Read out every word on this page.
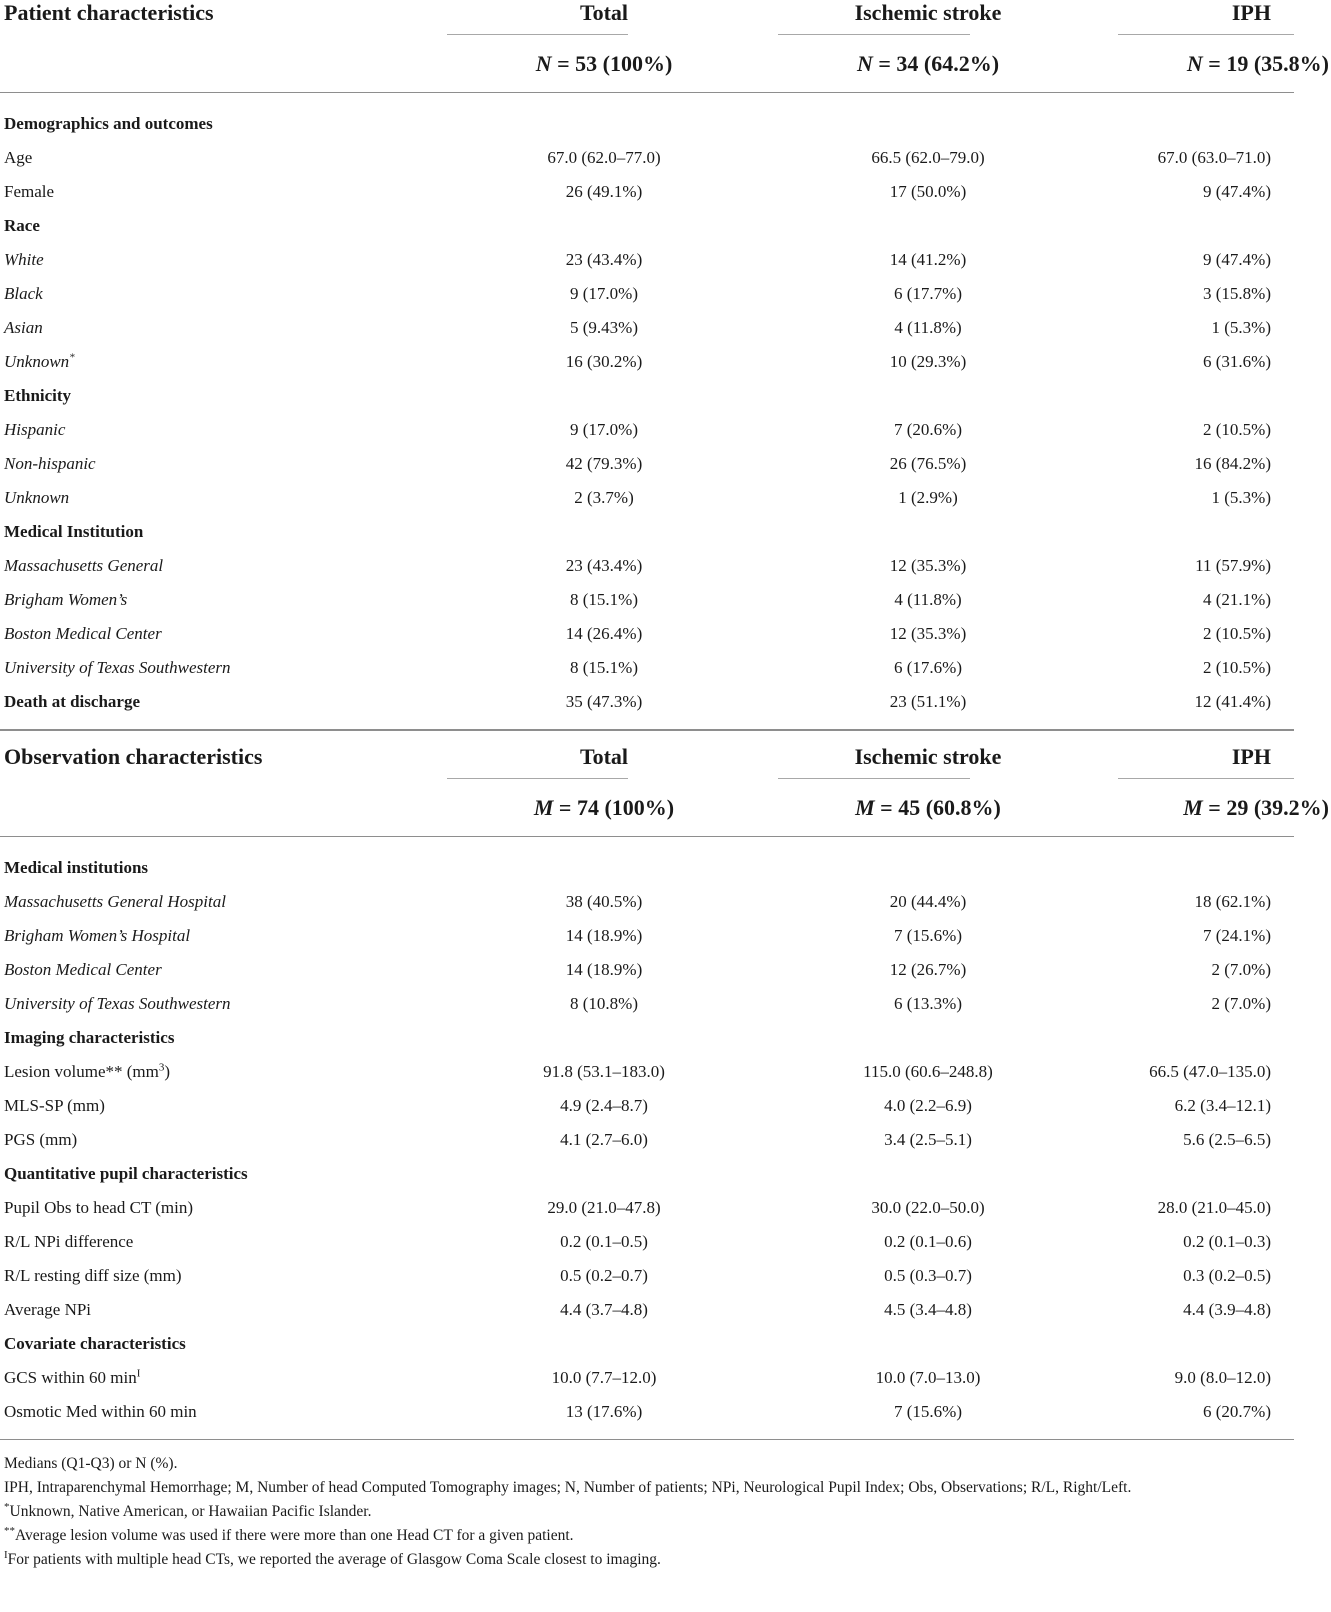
Patient characteristics	Total	Ischemic stroke	IPH
	N = 53 (100%)	N = 34 (64.2%)	N = 19 (35.8%)

Demographics and outcomes			
Age	67.0 (62.0–77.0)	66.5 (62.0–79.0)	67.0 (63.0–71.0)
Female	26 (49.1%)	17 (50.0%)	9 (47.4%)
Race			
White	23 (43.4%)	14 (41.2%)	9 (47.4%)
Black	9 (17.0%)	6 (17.7%)	3 (15.8%)
Asian	5 (9.43%)	4 (11.8%)	1 (5.3%)
Unknown*	16 (30.2%)	10 (29.3%)	6 (31.6%)
Ethnicity			
Hispanic	9 (17.0%)	7 (20.6%)	2 (10.5%)
Non-hispanic	42 (79.3%)	26 (76.5%)	16 (84.2%)
Unknown	2 (3.7%)	1 (2.9%)	1 (5.3%)
Medical Institution			
Massachusetts General	23 (43.4%)	12 (35.3%)	11 (57.9%)
Brigham Women’s	8 (15.1%)	4 (11.8%)	4 (21.1%)
Boston Medical Center	14 (26.4%)	12 (35.3%)	2 (10.5%)
University of Texas Southwestern	8 (15.1%)	6 (17.6%)	2 (10.5%)
Death at discharge	35 (47.3%)	23 (51.1%)	12 (41.4%)
Observation characteristics	Total	Ischemic stroke	IPH
	M = 74 (100%)	M = 45 (60.8%)	M = 29 (39.2%)

Medical institutions			
Massachusetts General Hospital	38 (40.5%)	20 (44.4%)	18 (62.1%)
Brigham Women’s Hospital	14 (18.9%)	7 (15.6%)	7 (24.1%)
Boston Medical Center	14 (18.9%)	12 (26.7%)	2 (7.0%)
University of Texas Southwestern	8 (10.8%)	6 (13.3%)	2 (7.0%)
Imaging characteristics			
Lesion volume** $(mm^3)$	91.8 (53.1–183.0)	115.0 (60.6–248.8)	66.5 (47.0–135.0)
MLS-SP (mm)	4.9 (2.4–8.7)	4.0 (2.2–6.9)	6.2 (3.4–12.1)
PGS (mm)	4.1 (2.7–6.0)	3.4 (2.5–5.1)	5.6 (2.5–6.5)
Quantitative pupil characteristics			
Pupil Obs to head CT (min)	29.0 (21.0–47.8)	30.0 (22.0–50.0)	28.0 (21.0–45.0)
R/L NPi difference	0.2 (0.1–0.5)	0.2 (0.1–0.6)	0.2 (0.1–0.3)
R/L resting diff size (mm)	0.5 (0.2–0.7)	0.5 (0.3–0.7)	0.3 (0.2–0.5)
Average NPi	4.4 (3.7–4.8)	4.5 (3.4–4.8)	4.4 (3.9–4.8)
Covariate characteristics			
GCS within 60 $\min^I$	10.0 (7.7–12.0)	10.0 (7.0–13.0)	9.0 (8.0–12.0)
Osmotic Med within 60 min	13 (17.6%)	7 (15.6%)	6 (20.7%)
Medians (Q1-Q3) or N (%).
IPH, Intraparenchymal Hemorrhage; M, Number of head Computed Tomography images; N, Number of patients; NPi, Neurological Pupil Index; Obs, Observations; R/L, Right/Left.
*Unknown, Native American, or Hawaiian Pacific Islander.
**Average lesion volume was used if there were more than one Head CT for a given patient.
$^I$For patients with multiple head CTs, we reported the average of Glasgow Coma Scale closest to imaging.
